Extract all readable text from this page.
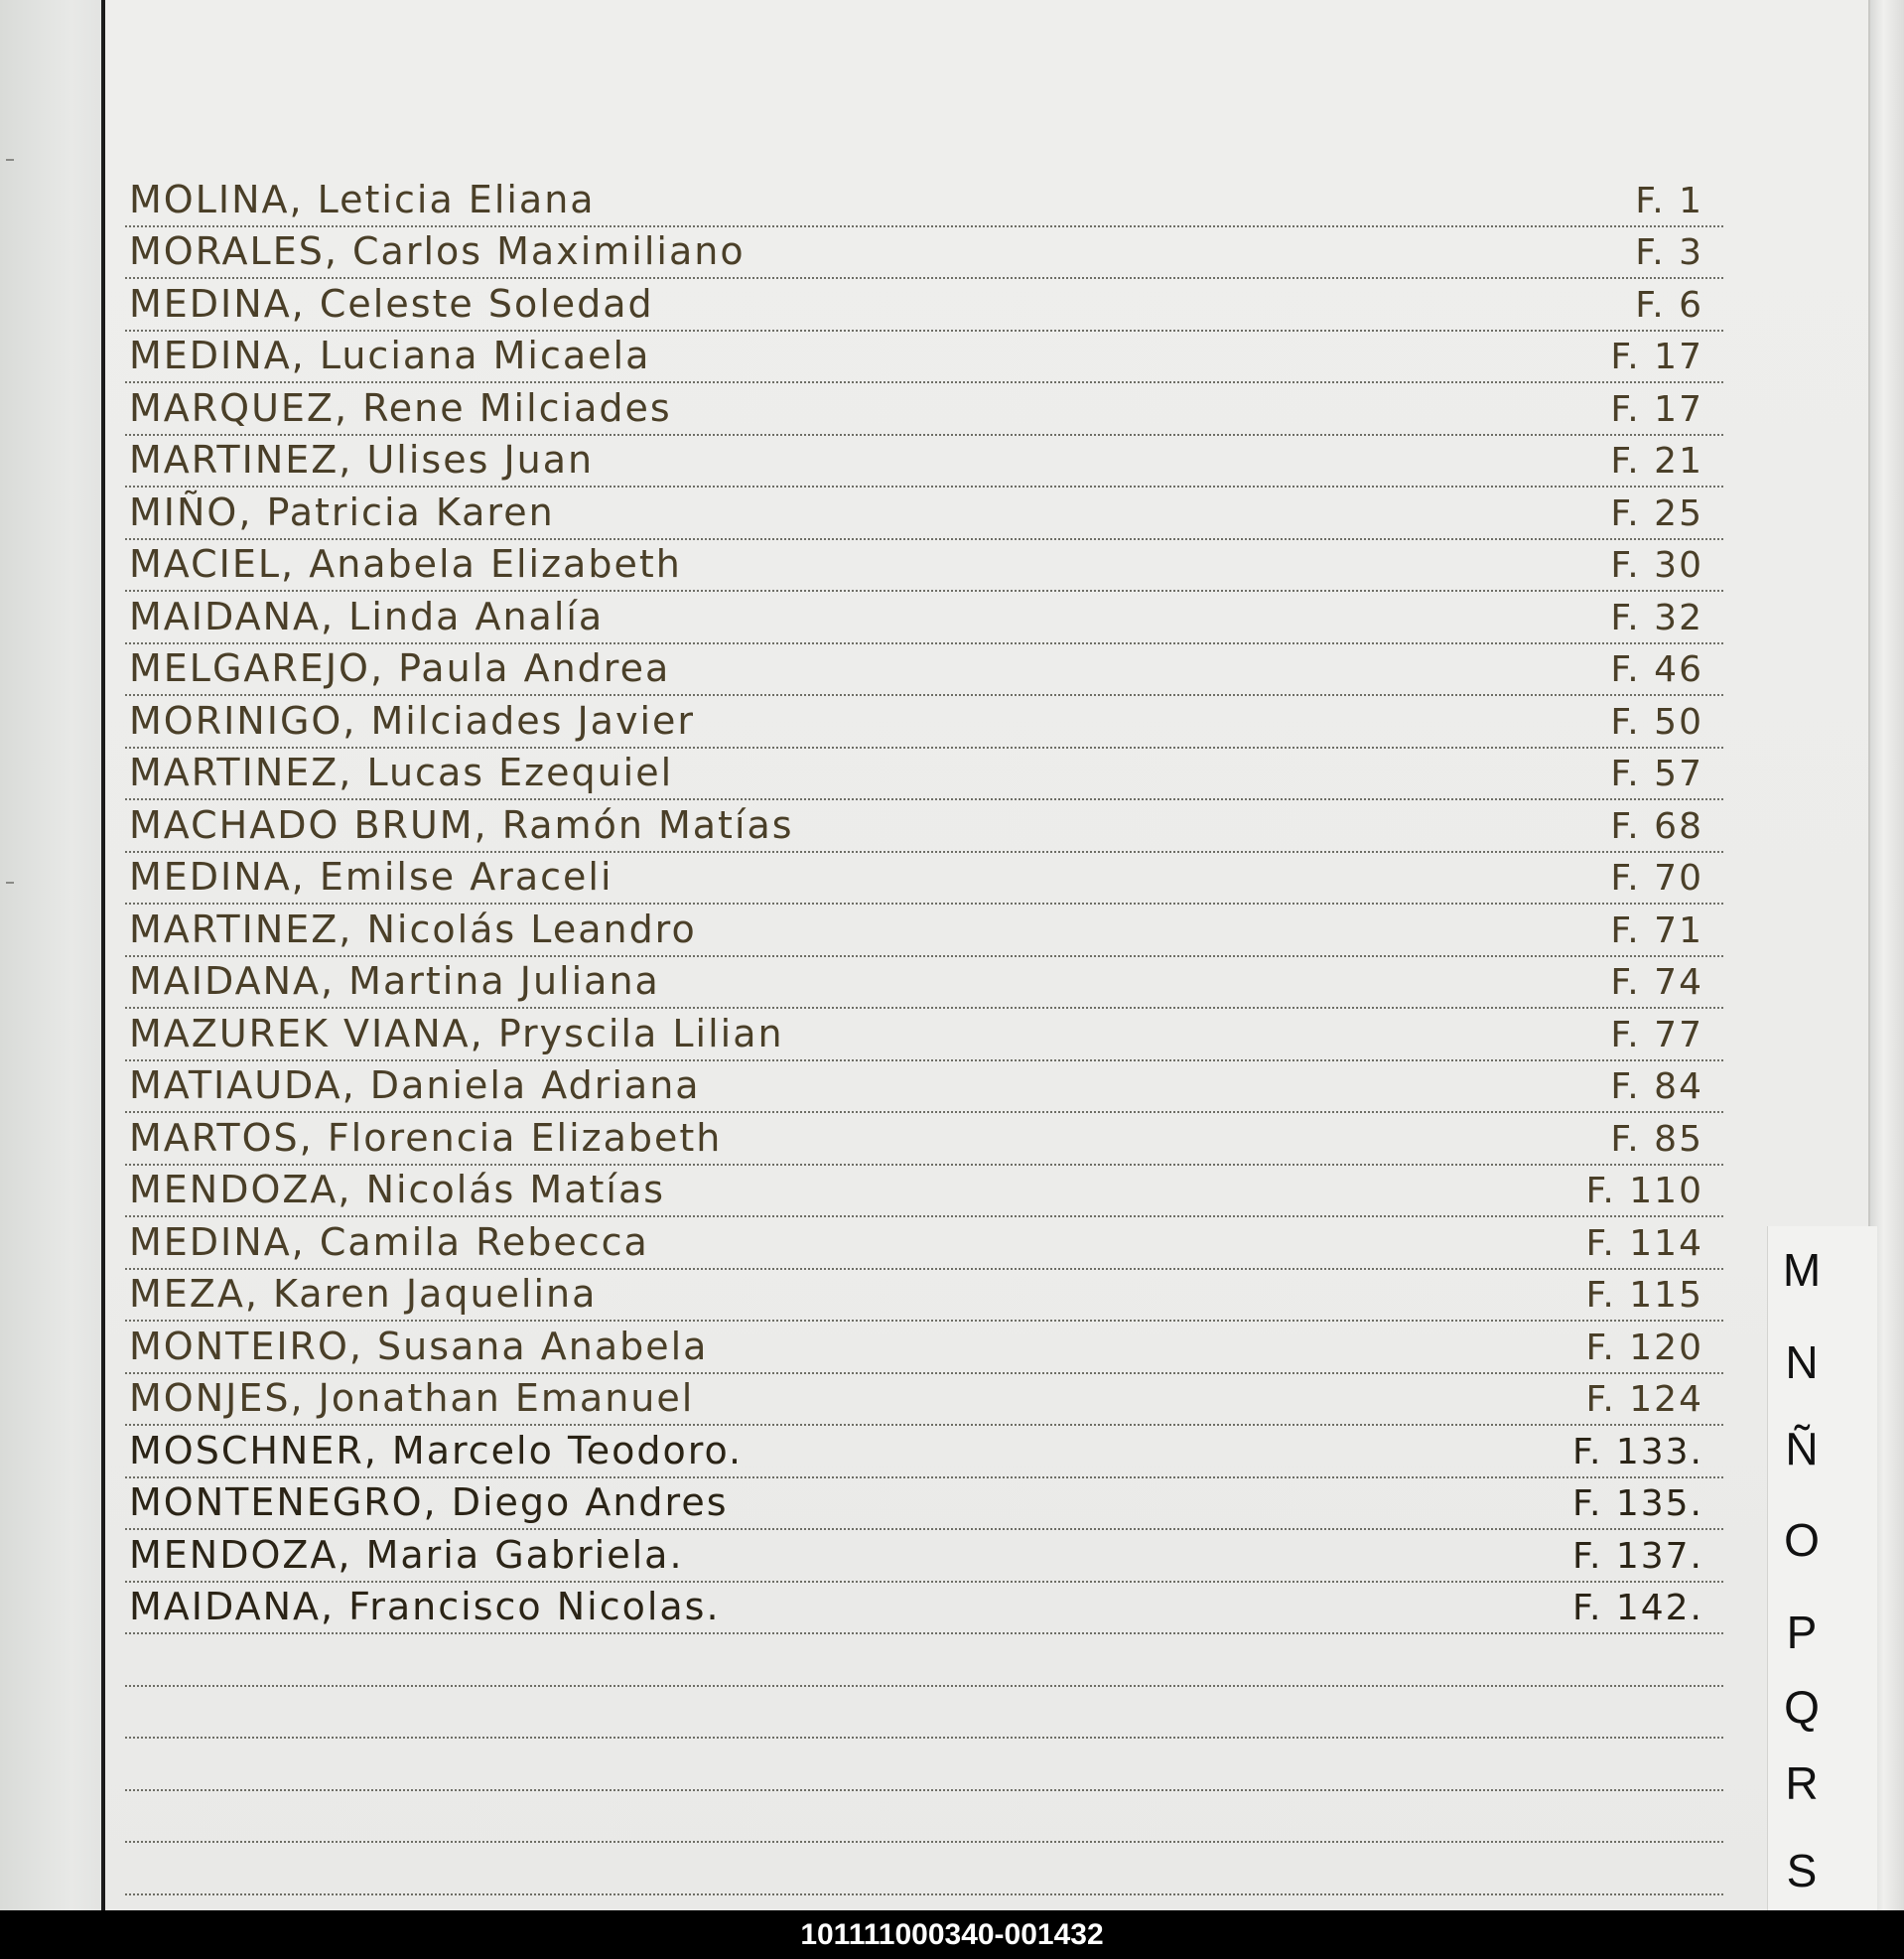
MOLINA, Leticia Eliana	F. 1
MORALES, Carlos Maximiliano	F. 3
MEDINA, Celeste Soledad	F. 6
MEDINA, Luciana Micaela	F. 17
MARQUEZ, Rene Milciades	F. 17
MARTINEZ, Ulises Juan	F. 21
MIÑO, Patricia Karen	F. 25
MACIEL, Anabela Elizabeth	F. 30
MAIDANA, Linda Analía	F. 32
MELGAREJO, Paula Andrea	F. 46
MORINIGO, Milciades Javier	F. 50
MARTINEZ, Lucas Ezequiel	F. 57
MACHADO BRUM, Ramón Matías	F. 68
MEDINA, Emilse Araceli	F. 70
MARTINEZ, Nicolás Leandro	F. 71
MAIDANA, Martina Juliana	F. 74
MAZUREK VIANA, Pryscila Lilian	F. 77
MATIAUDA, Daniela Adriana	F. 84
MARTOS, Florencia Elizabeth	F. 85
MENDOZA, Nicolás Matías	F. 110
MEDINA, Camila Rebecca	F. 114
MEZA, Karen Jaquelina	F. 115
MONTEIRO, Susana Anabela	F. 120
MONJES, Jonathan Emanuel	F. 124
MOSCHNER, Marcelo Teodoro.	F. 133.
MONTENEGRO, Diego Andres	F. 135.
MENDOZA, Maria Gabriela.	F. 137.
MAIDANA, Francisco Nicolas.	F. 142.
M
N
Ñ
O
P
Q
R
S
101111000340-001432
